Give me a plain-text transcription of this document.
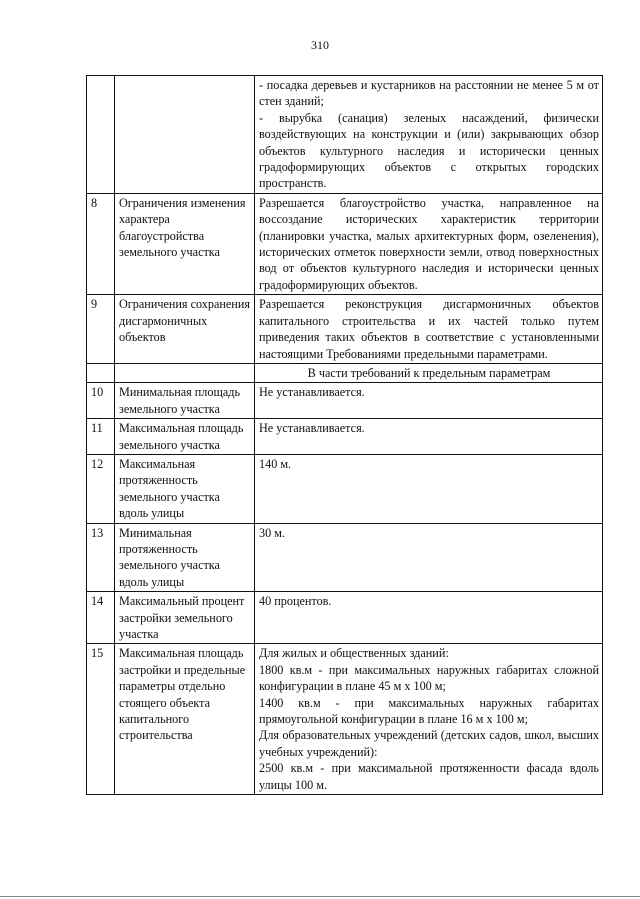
310

		- посадка деревьев и кустарников на расстоянии не менее 5 м от стен зданий;
- вырубка (санация) зеленых насаждений, физически воздействующих на конструкции и (или) закрывающих обзор объектов культурного наследия и исторически ценных градоформирующих объектов с открытых городских пространств.

8	Ограничения изменения характера благоустройства земельного участка	Разрешается благоустройство участка, направленное на воссоздание исторических характеристик территории (планировки участка, малых архитектурных форм, озеленения), исторических отметок поверхности земли, отвод поверхностных вод от объектов культурного наследия и исторически ценных градоформирующих объектов.

9	Ограничения сохранения дисгармоничных объектов	Разрешается реконструкция дисгармоничных объектов капитального строительства и их частей только путем приведения таких объектов в соответствие с установленными настоящими Требованиями предельными параметрами.

		В части требований к предельным параметрам
10	Минимальная площадь земельного участка	Не устанавливается.
11	Максимальная площадь земельного участка	Не устанавливается.
12	Максимальная протяженность земельного участка вдоль улицы	140 м.
13	Минимальная протяженность земельного участка вдоль улицы	30 м.
14	Максимальный процент застройки земельного участка	40 процентов.
15	Максимальная площадь застройки и предельные параметры отдельно стоящего объекта капитального строительства	Для жилых и общественных зданий:
1800 кв.м - при максимальных наружных габаритах сложной конфигурации в плане 45 м х 100 м;
1400 кв.м - при максимальных наружных габаритах прямоугольной конфигурации в плане 16 м х 100 м;
Для образовательных учреждений (детских садов, школ, высших учебных учреждений):
2500 кв.м - при максимальной протяженности фасада вдоль улицы 100 м.
